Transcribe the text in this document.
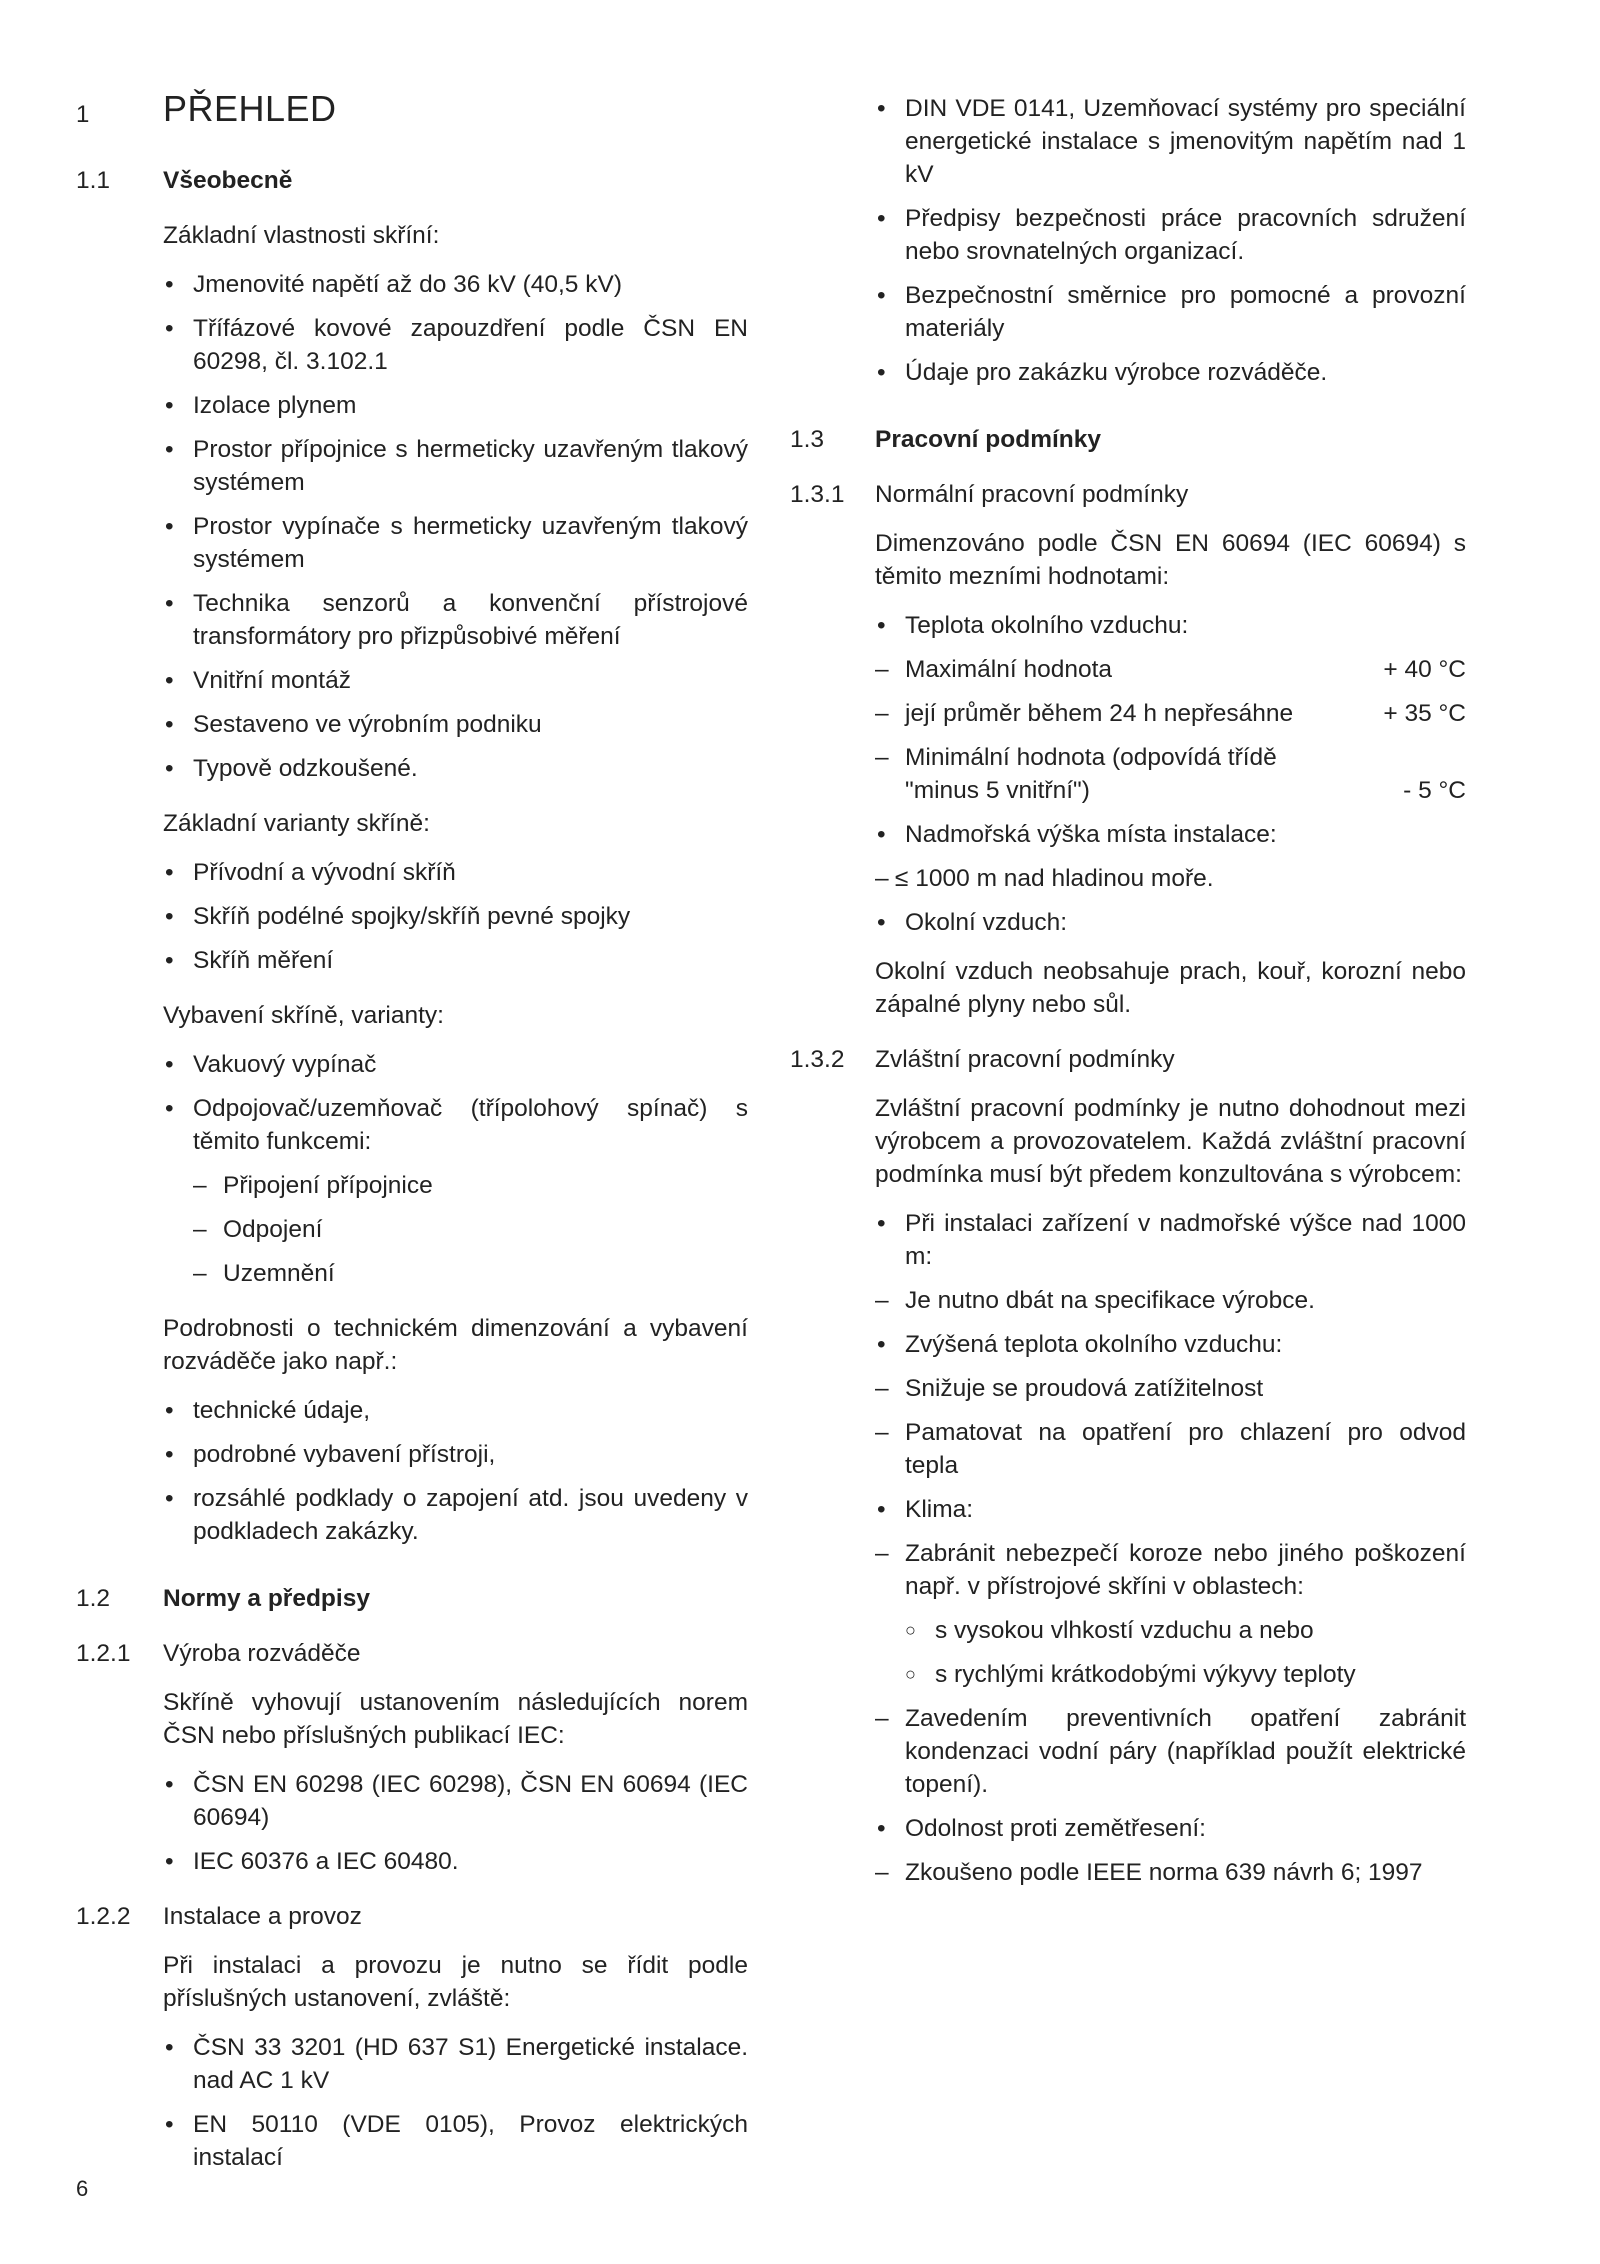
1 PŘEHLED
1.1 Všeobecně
Základní vlastnosti skříní:
• Jmenovité napětí až do 36 kV (40,5 kV)
• Třífázové kovové zapouzdření podle ČSN EN 60298, čl. 3.102.1
• Izolace plynem
• Prostor přípojnice s hermeticky uzavřeným tlakový systémem
• Prostor vypínače s hermeticky uzavřeným tlakový systémem
• Technika senzorů a konvenční přístrojové transformátory pro přizpůsobivé měření
• Vnitřní montáž
• Sestaveno ve výrobním podniku
• Typově odzkoušené.
Základní varianty skříně:
• Přívodní a vývodní skříň
• Skříň podélné spojky/skříň pevné spojky
• Skříň měření
Vybavení skříně, varianty:
• Vakuový vypínač
• Odpojovač/uzemňovač (třípolohový spínač) s těmito funkcemi:
– Připojení přípojnice
– Odpojení
– Uzemnění
Podrobnosti o technickém dimenzování a vybavení rozváděče jako např.:
• technické údaje,
• podrobné vybavení přístroji,
• rozsáhlé podklady o zapojení atd. jsou uvedeny v podkladech zakázky.
1.2 Normy a předpisy
1.2.1 Výroba rozváděče
Skříně vyhovují ustanovením následujících norem ČSN nebo příslušných publikací IEC:
• ČSN EN 60298 (IEC 60298), ČSN EN 60694 (IEC 60694)
• IEC 60376 a IEC 60480.
1.2.2 Instalace a provoz
Při instalaci a provozu je nutno se řídit podle příslušných ustanovení, zvláště:
• ČSN 33 3201 (HD 637 S1) Energetické instalace. nad AC 1 kV
• EN 50110 (VDE 0105), Provoz elektrických instalací
• DIN VDE 0141, Uzemňovací systémy pro speciální energetické instalace s jmenovitým napětím nad 1 kV
• Předpisy bezpečnosti práce pracovních sdružení nebo srovnatelných organizací.
• Bezpečnostní směrnice pro pomocné a provozní materiály
• Údaje pro zakázku výrobce rozváděče.
1.3 Pracovní podmínky
1.3.1 Normální pracovní podmínky
Dimenzováno podle ČSN EN 60694 (IEC 60694) s těmito mezními hodnotami:
• Teplota okolního vzduchu:
– Maximální hodnota	+ 40 °C
– její průměr během 24 h nepřesáhne	+ 35 °C
– Minimální hodnota (odpovídá třídě
"minus 5 vnitřní")	- 5 °C
• Nadmořská výška místa instalace:
– ≤ 1000 m nad hladinou moře.
• Okolní vzduch:
Okolní vzduch neobsahuje prach, kouř, korozní nebo zápalné plyny nebo sůl.
1.3.2 Zvláštní pracovní podmínky
Zvláštní pracovní podmínky je nutno dohodnout mezi výrobcem a provozovatelem. Každá zvláštní pracovní podmínka musí být předem konzultována s výrobcem:
• Při instalaci zařízení v nadmořské výšce nad 1000 m:
– Je nutno dbát na specifikace výrobce.
• Zvýšená teplota okolního vzduchu:
– Snižuje se proudová zatížitelnost
– Pamatovat na opatření pro chlazení pro odvod tepla
• Klima:
– Zabránit nebezpečí koroze nebo jiného poškození např. v přístrojové skříni v oblastech:
○ s vysokou vlhkostí vzduchu a nebo
○ s rychlými krátkodobými výkyvy teploty
– Zavedením preventivních opatření zabránit kondenzaci vodní páry (například použít elektrické topení).
• Odolnost proti zemětřesení:
– Zkoušeno podle IEEE norma 639 návrh 6; 1997
6
